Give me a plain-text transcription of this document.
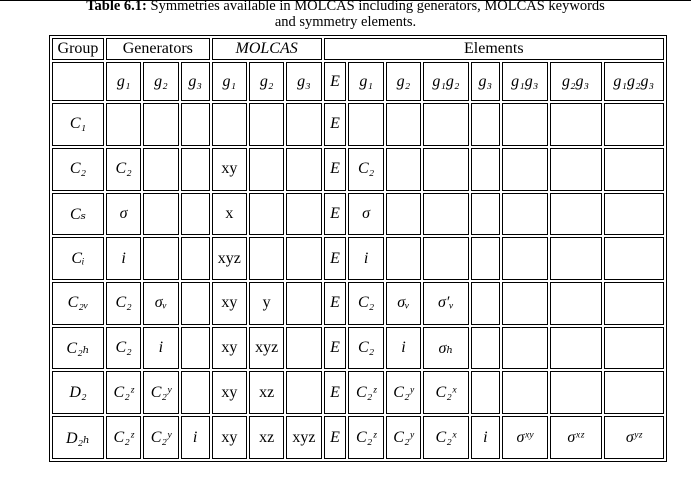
Table 6.1: Symmetries available in MOLCAS including generators, MOLCAS keywords
and symmetry elements.
Group	Generators			MOLCAS			Elements							
	g₁	g₂	g₃	g₁	g₂	g₃	E	g₁	g₂	g₁g₂	g₃	g₁g₃	g₂g₃	g₁g₂g₃
C₁							E							
C₂	C₂			xy			E	C₂						
Cₛ	σ			x			E	σ						
Cᵢ	i			xyz			E	i						
C₂ᵥ	C₂	σᵥ		xy	y		E	C₂	σᵥ	σ′ᵥ				
C₂ₕ	C₂	i		xy	xyz		E	C₂	i	σₕ				
D₂	C₂ᶻ	C₂ʸ		xy	xz		E	C₂ᶻ	C₂ʸ	C₂ˣ				
D₂ₕ	C₂ᶻ	C₂ʸ	i	xy	xz	xyz	E	C₂ᶻ	C₂ʸ	C₂ˣ	i	σˣʸ	σˣᶻ	σʸᶻ
